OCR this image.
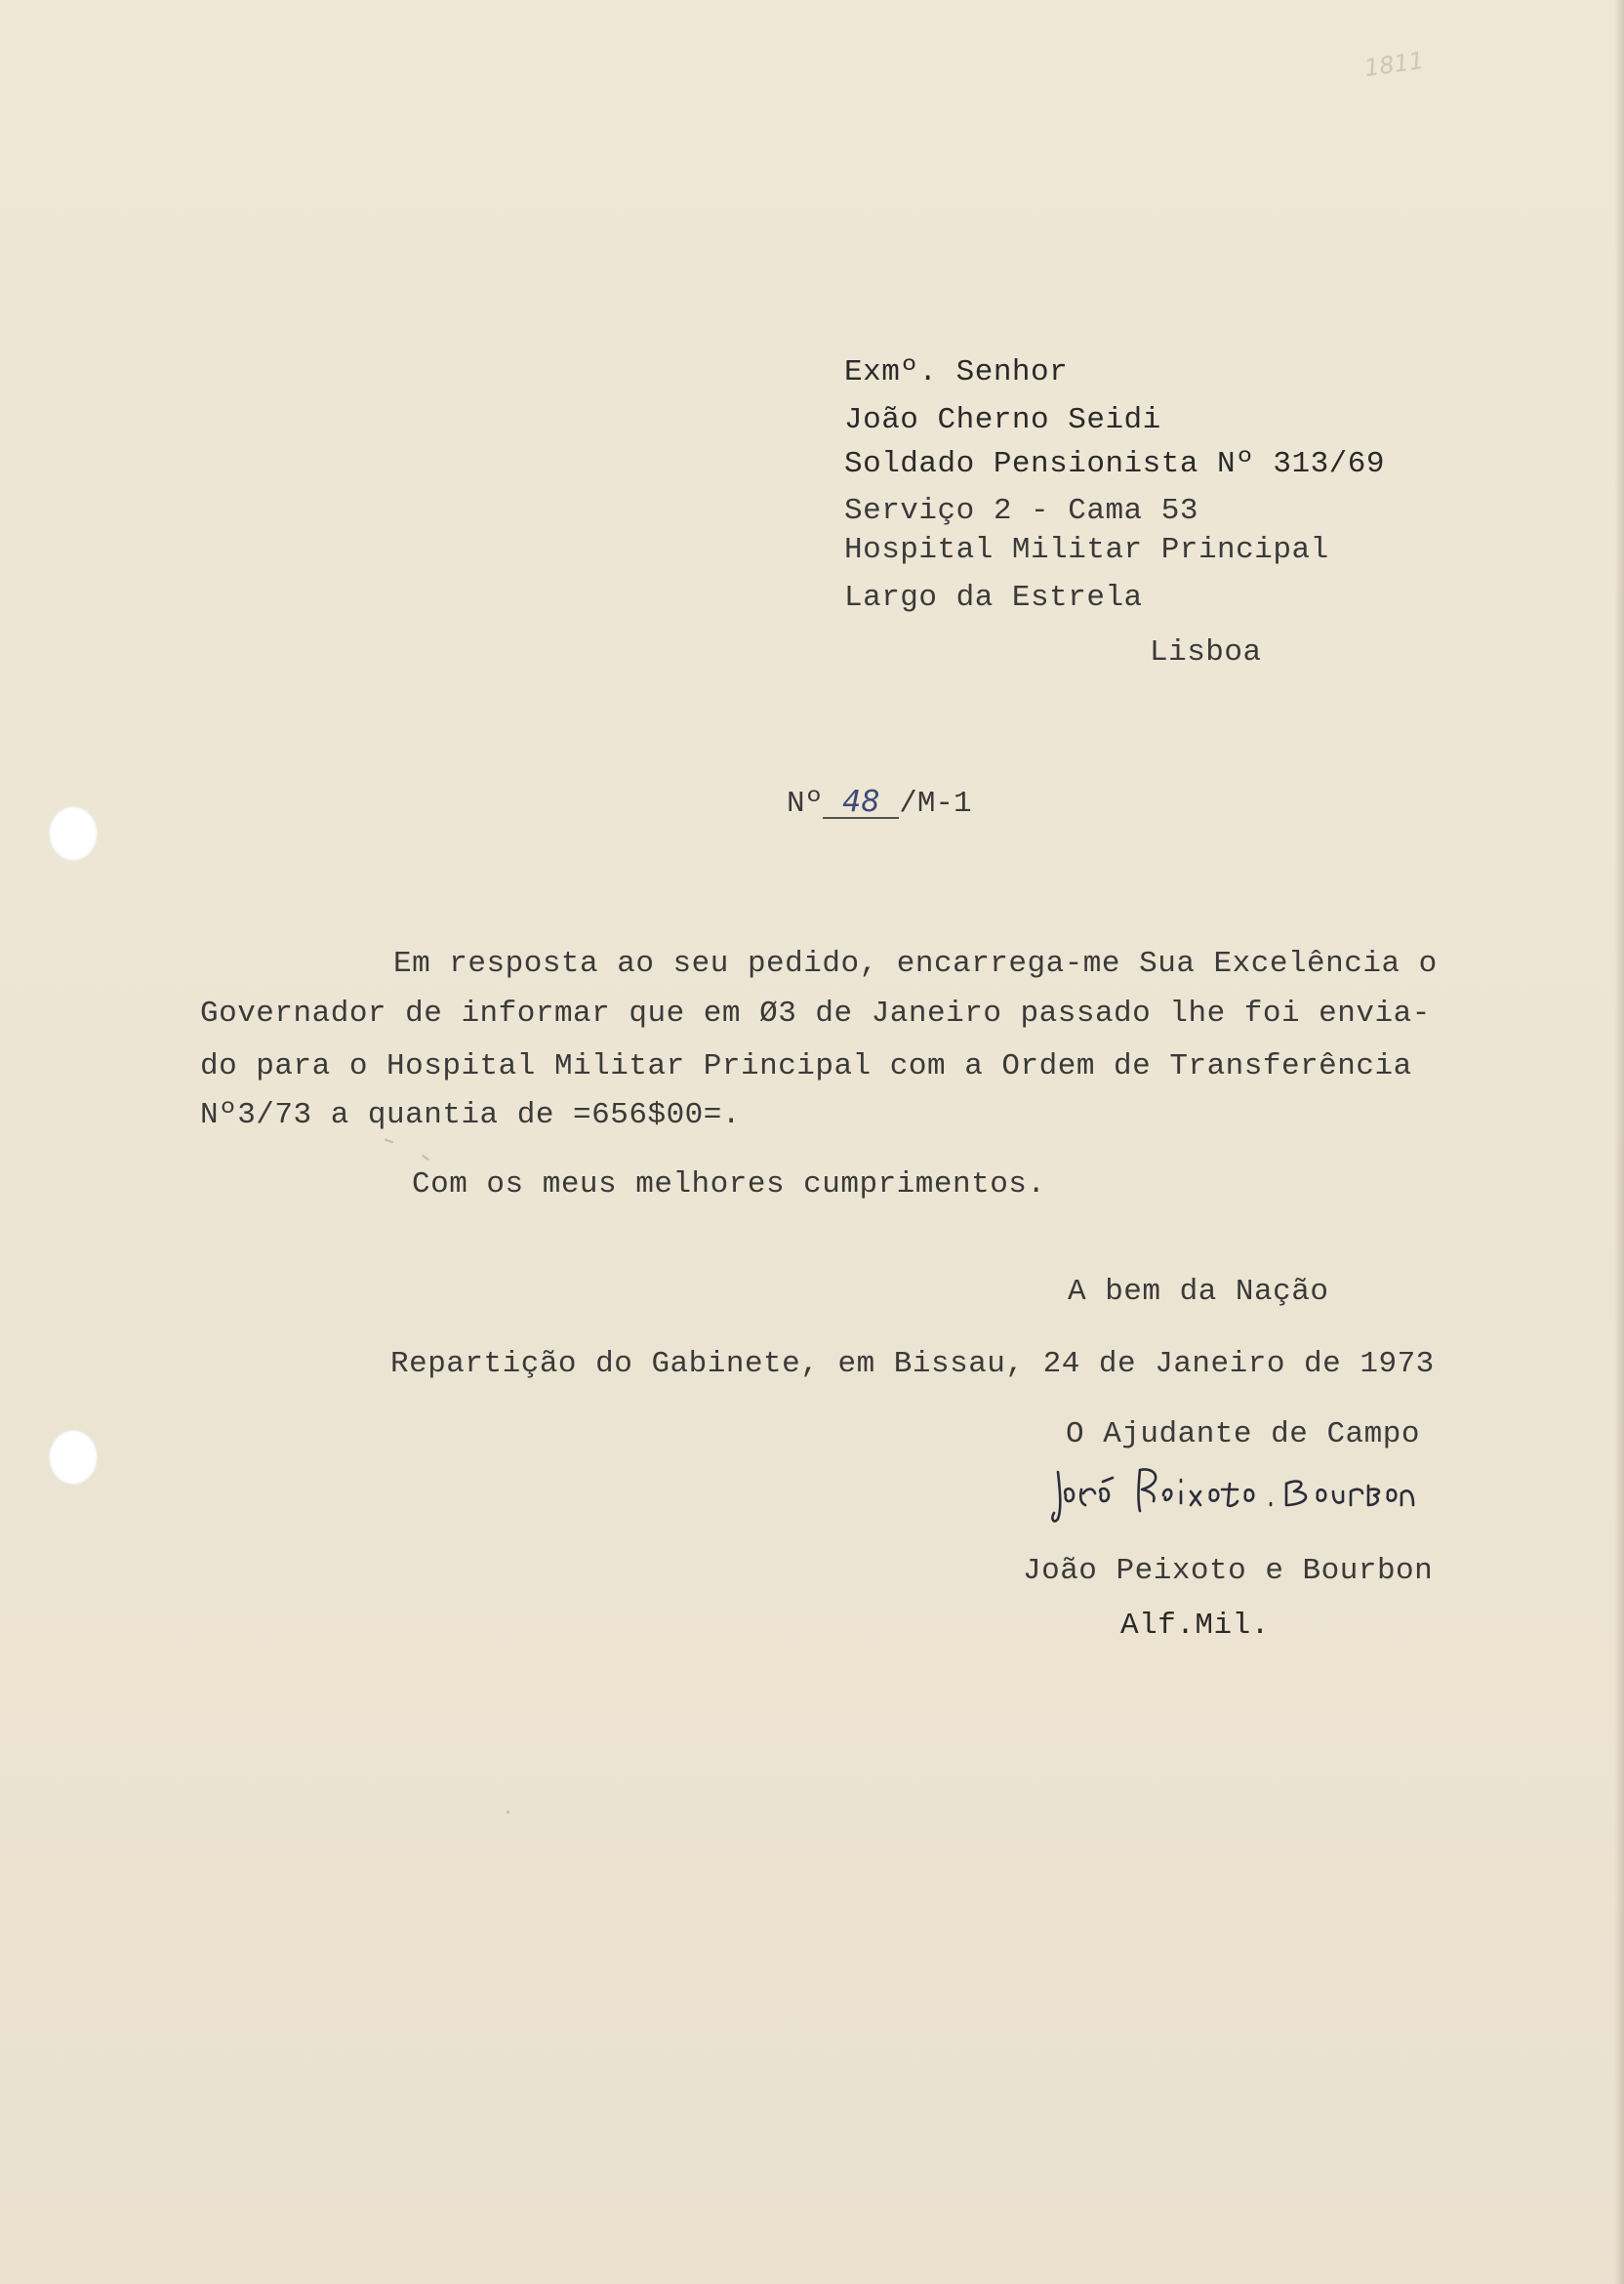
1811
Exmº. Senhor
João Cherno Seidi
Soldado Pensionista Nº 313/69
Serviço 2 - Cama 53
Hospital Militar Principal
Largo da Estrela
Lisboa
Nº 48 /M-1
Em resposta ao seu pedido, encarrega-me Sua Excelência o
Governador de informar que em Ø3 de Janeiro passado lhe foi envia-
do para o Hospital Militar Principal com a Ordem de Transferência
Nº3/73 a quantia de =656$00=.
Com os meus melhores cumprimentos.
A bem da Nação
Repartição do Gabinete, em Bissau, 24 de Janeiro de 1973
O Ajudante de Campo
João Peixoto e Bourbon
Alf.Mil.
